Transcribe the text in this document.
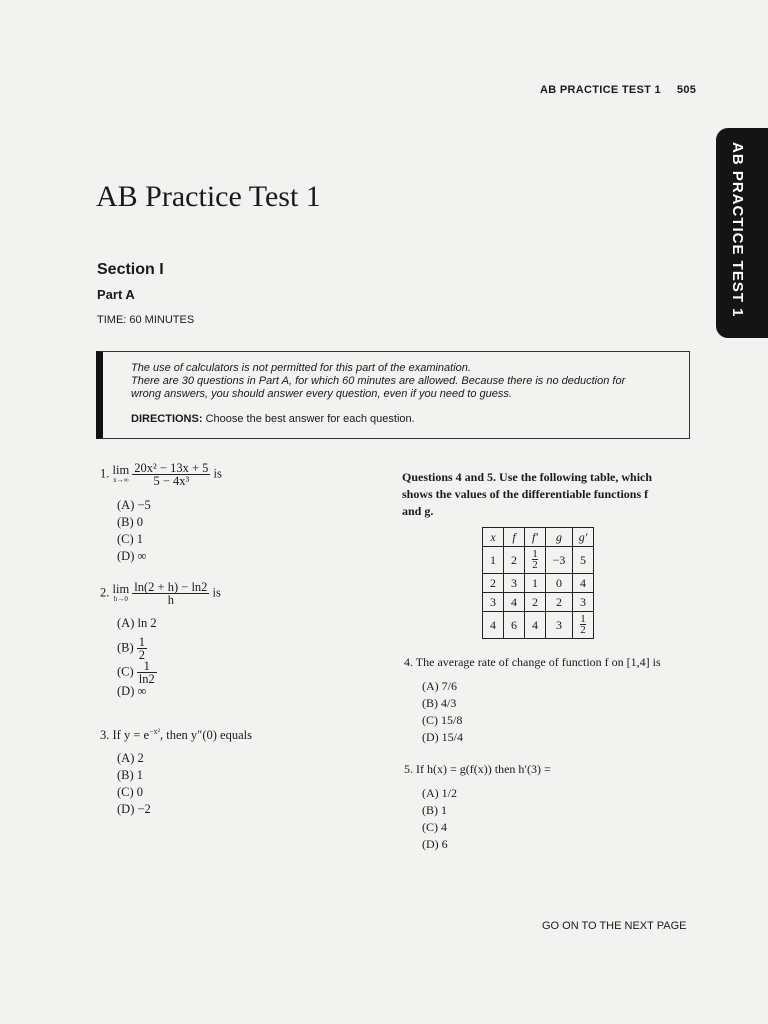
AB PRACTICE TEST 1 505
AB PRACTICE TEST 1
AB Practice Test 1
Section I
Part A
TIME: 60 MINUTES
The use of calculators is not permitted for this part of the examination.
There are 30 questions in Part A, for which 60 minutes are allowed. Because there is no deduction for
wrong answers, you should answer every question, even if you need to guess.
DIRECTIONS: Choose the best answer for each question.
1. lim
x→∞
$\frac{\text{20x² − 13x + 5}}{\text{5 − 4x³}}$ is
(A) −5
(B) 0
(C) 1
(D) ∞
2. lim
h→0
$\frac{\ln(2 + h) - \ln 2}{h}$ is
(A) ln 2
$(B) \frac{1}{2}$
$(C) \frac{1}{\ln 2}$
(D) ∞
3. If $y = e^{-x^2}$, then y″(0) equals
(A) 2
(B) 1
(C) 0
(D) −2
Questions 4 and 5. Use the following table, which
shows the values of the differentiable functions f
and g.
x	f	f′	g	g′
1	2	$\frac{1}{2}$	−3	5
2	3	1	0	4
3	4	2	2	3
4	6	4	3	$\frac{1}{2}$
4. The average rate of change of function f on [1,4] is
(A) 7/6
(B) 4/3
(C) 15/8
(D) 15/4
5. If h(x) = g(f(x)) then h′(3) =
(A) 1/2
(B) 1
(C) 4
(D) 6
GO ON TO THE NEXT PAGE
